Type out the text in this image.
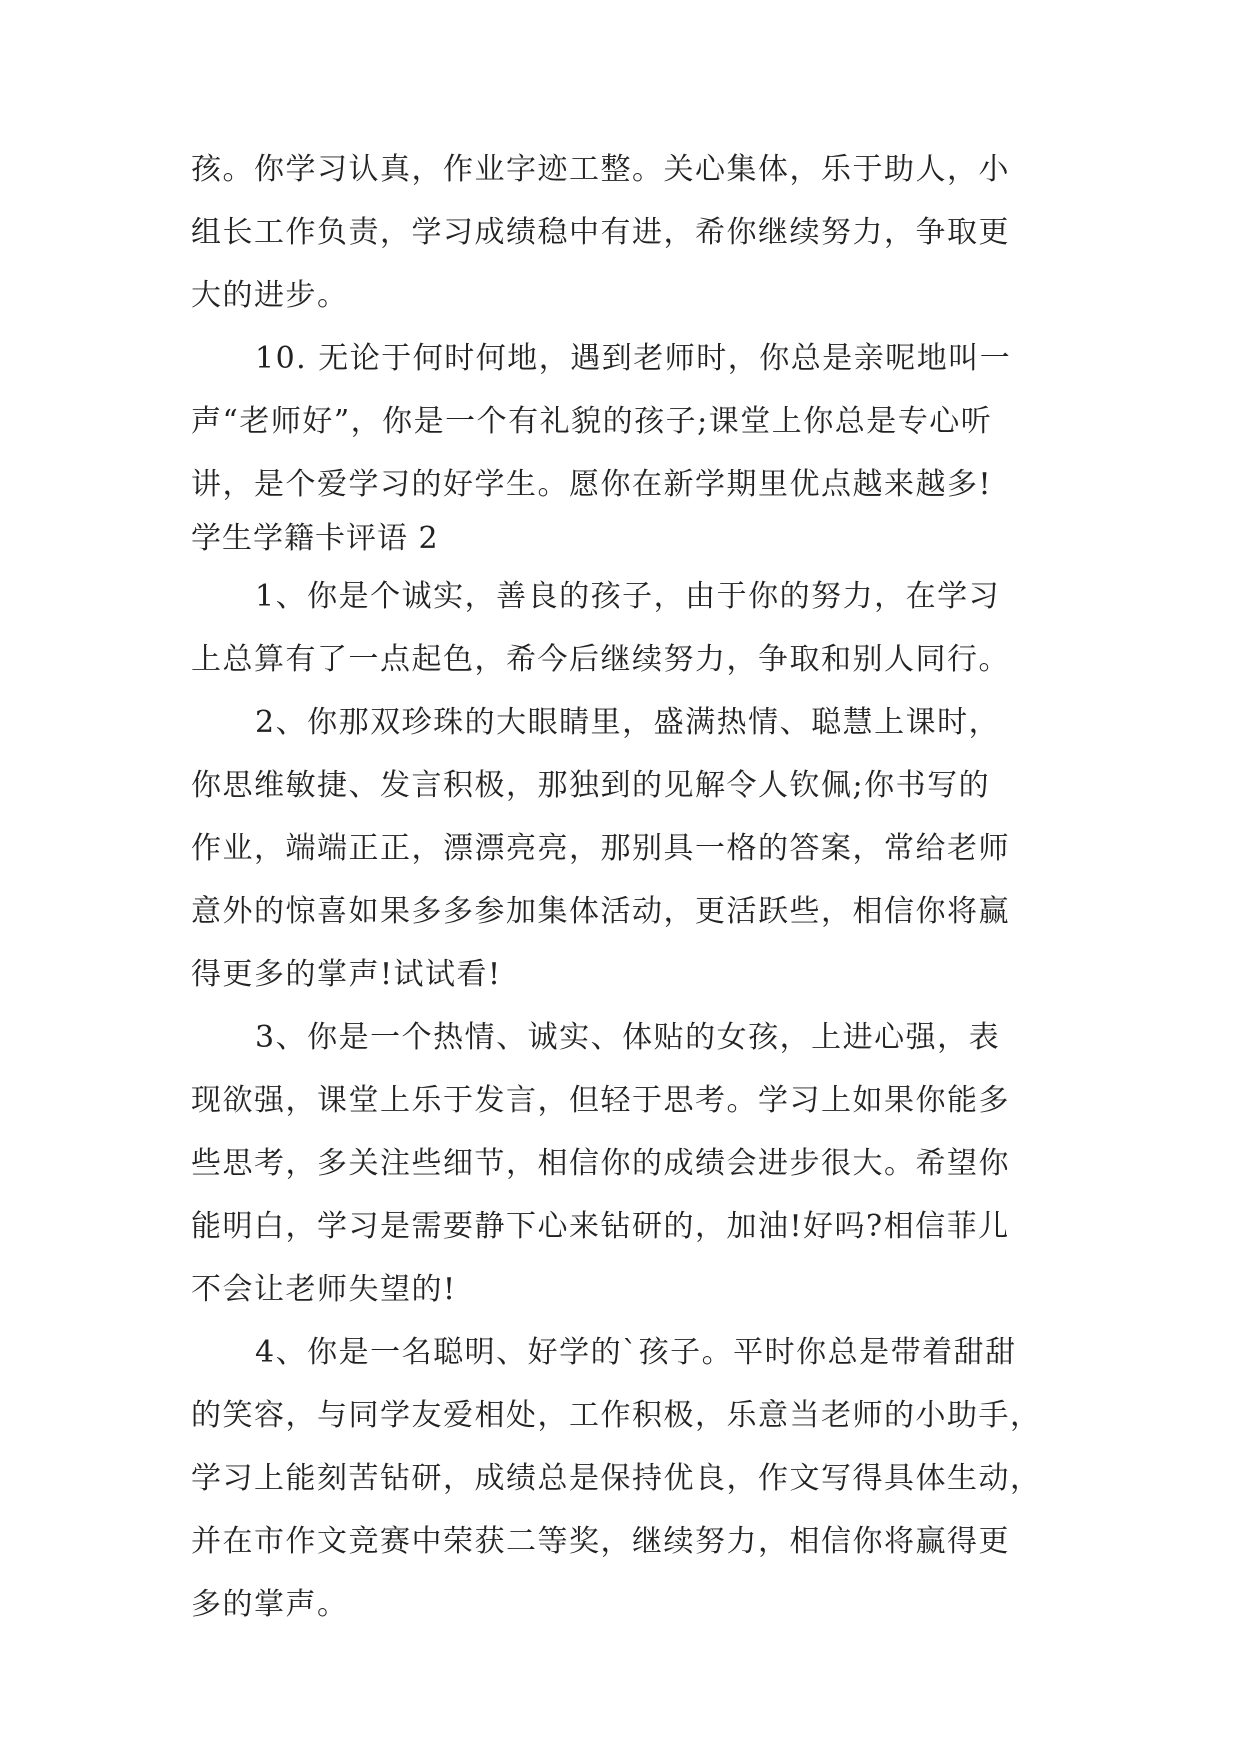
孩。你学习认真，作业字迹工整。关心集体，乐于助人，小
组长工作负责，学习成绩稳中有进，希你继续努力，争取更
大的进步。
10. 无论于何时何地，遇到老师时，你总是亲呢地叫一
声“老师好”，你是一个有礼貌的孩子;课堂上你总是专心听
讲，是个爱学习的好学生。愿你在新学期里优点越来越多!
学生学籍卡评语 2
1、你是个诚实，善良的孩子，由于你的努力，在学习
上总算有了一点起色，希今后继续努力，争取和别人同行。
2、你那双珍珠的大眼睛里，盛满热情、聪慧上课时，
你思维敏捷、发言积极，那独到的见解令人钦佩;你书写的
作业，端端正正，漂漂亮亮，那别具一格的答案，常给老师
意外的惊喜如果多多参加集体活动，更活跃些，相信你将赢
得更多的掌声!试试看!
3、你是一个热情、诚实、体贴的女孩，上进心强，表
现欲强，课堂上乐于发言，但轻于思考。学习上如果你能多
些思考，多关注些细节，相信你的成绩会进步很大。希望你
能明白，学习是需要静下心来钻研的，加油!好吗?相信菲儿
不会让老师失望的!
4、你是一名聪明、好学的`孩子。平时你总是带着甜甜
的笑容，与同学友爱相处，工作积极，乐意当老师的小助手，
学习上能刻苦钻研，成绩总是保持优良，作文写得具体生动，
并在市作文竞赛中荣获二等奖，继续努力，相信你将赢得更
多的掌声。
